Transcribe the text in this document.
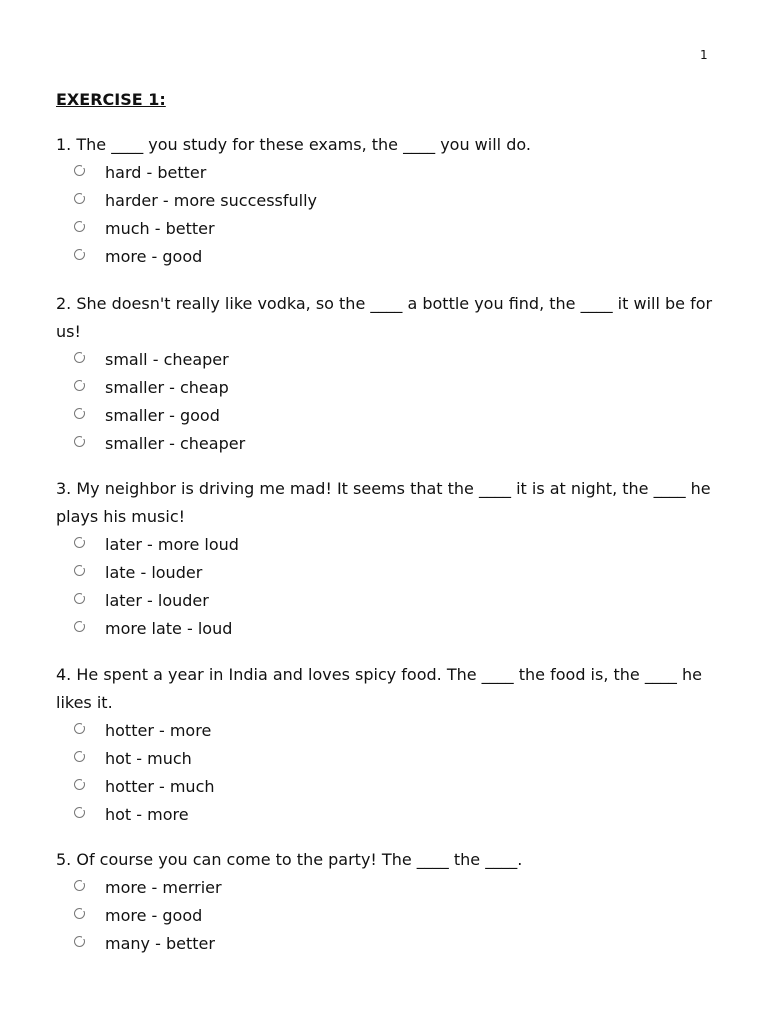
1
EXERCISE 1:

1. The ____ you study for these exams, the ____ you will do.

hard - better
harder - more successfully
much - better
more - good

2. She doesn't really like vodka, so the ____ a bottle you find, the ____ it will be for us!

small - cheaper
smaller - cheap
smaller - good
smaller - cheaper

3. My neighbor is driving me mad! It seems that the ____ it is at night, the ____ he plays his music!

later - more loud
late - louder
later - louder
more late - loud

4. He spent a year in India and loves spicy food. The ____ the food is, the ____ he likes it.

hotter - more
hot - much
hotter - much
hot - more

5. Of course you can come to the party! The ____ the ____.

more - merrier
more - good
many - better
